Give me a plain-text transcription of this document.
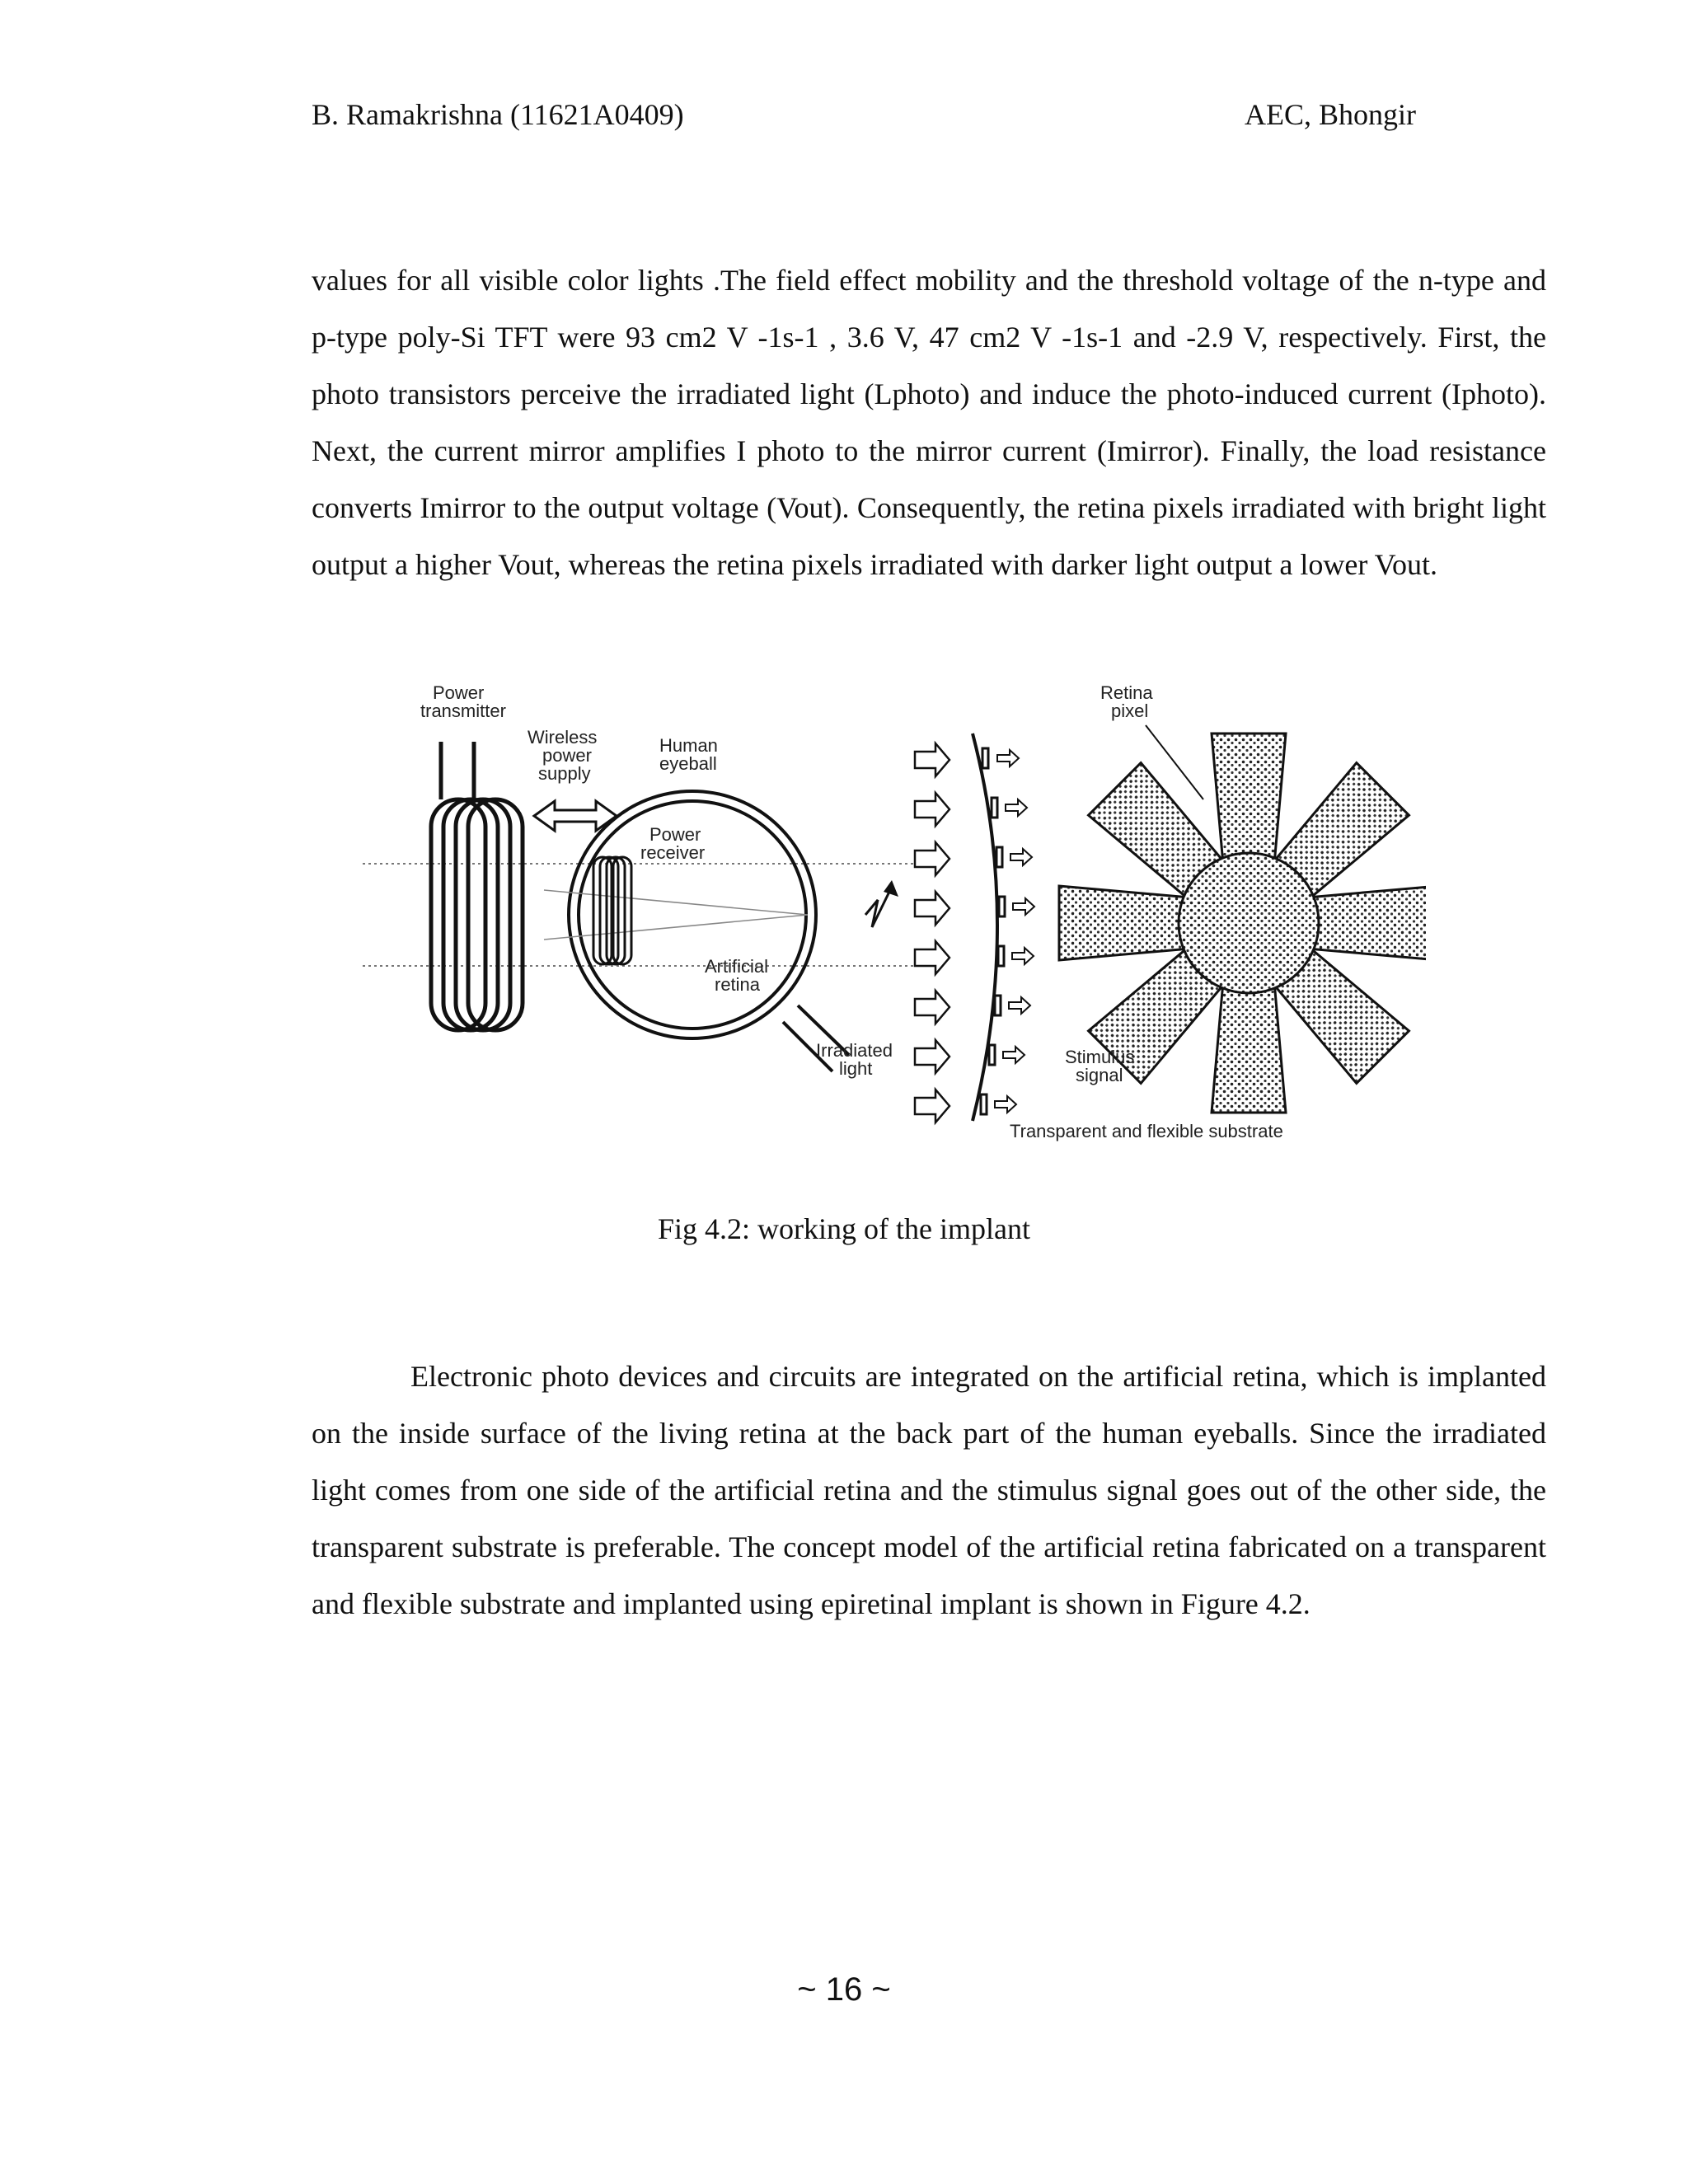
B. Ramakrishna (11621A0409)	AEC, Bhongir

values for all visible color lights .The field effect mobility and the threshold voltage of the n-type and p-type poly-Si TFT were 93 cm2 V -1s-1 , 3.6 V, 47 cm2 V -1s-1 and -2.9 V, respectively. First, the photo transistors perceive the irradiated light (Lphoto) and induce the photo-induced current (Iphoto). Next, the current mirror amplifies I photo to the mirror current (Imirror). Finally, the load resistance converts Imirror to the output voltage (Vout). Consequently, the retina pixels irradiated with bright light output a higher Vout, whereas the retina pixels irradiated with darker light output a lower Vout.

Power
transmitter
Wireless
power
supply
Human
eyeball
Power
receiver
Artificial
retina
Irradiated
light
Stimulus
signal
Retina
pixel
Transparent and flexible substrate
Fig 4.2: working of the implant

Electronic photo devices and circuits are integrated on the artificial retina, which is implanted on the inside surface of the living retina at the back part of the human eyeballs. Since the irradiated light comes from one side of the artificial retina and the stimulus signal goes out of the other side, the transparent substrate is preferable. The concept model of the artificial retina fabricated on a transparent and flexible substrate and implanted using epiretinal implant is shown in Figure 4.2.

~ 16 ~
